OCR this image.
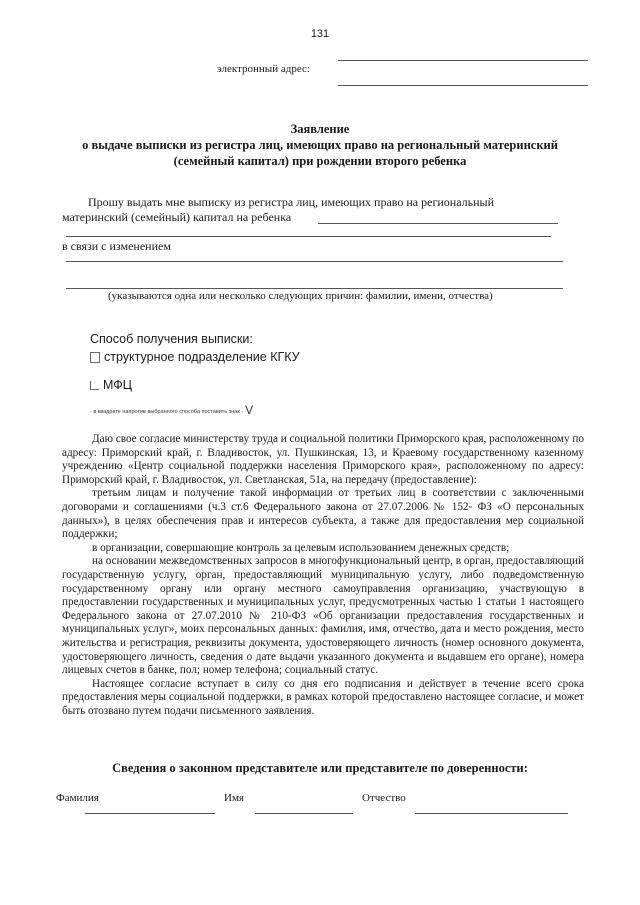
131
электронный адрес:
Заявление
о выдаче выписки из регистра лиц, имеющих право на региональный материнский
(семейный капитал) при рождении второго ребенка
Прошу выдать мне выписку из регистра лиц, имеющих право на региональный
материнский (семейный) капитал на ребенка
в связи с изменением
(указываются одна или несколько следующих причин: фамилии, имени, отчества)
Способ получения выписки:
структурное подразделение КГКУ
МФЦ
- в квадрате напротив выбранного способа поставить знак - V

Даю свое согласие министерству труда и социальной политики Приморского края, расположенному по адресу: Приморский край, г. Владивосток, ул. Пушкинская, 13, и Краевому государственному казенному учреждению «Центр социальной поддержки населения Приморского края», расположенному по адресу: Приморский край, г. Владивосток, ул. Светланская, 51а, на передачу (предоставление):

третьим лицам и получение такой информации от третьих лиц в соответствии с заключенными договорами и соглашениями (ч.3 ст.6 Федерального закона от 27.07.2006 № 152- ФЗ «О персональных данных»), в целях обеспечения прав и интересов субъекта, а также для предоставления мер социальной поддержки;

в организации, совершающие контроль за целевым использованием денежных средств;

на основании межведомственных запросов в многофункциональный центр, в орган, предоставляющий государственную услугу, орган, предоставляющий муниципальную услугу, либо подведомственную государственному органу или органу местного самоуправления организацию, участвующую в предоставлении государственных и муниципальных услуг, предусмотренных частью 1 статьи 1 настоящего Федерального закона от 27.07.2010 № 210-ФЗ «Об организации предоставления государственных и муниципальных услуг», моих персональных данных: фамилия, имя, отчество, дата и место рождения, место жительства и регистрация, реквизиты документа, удостоверяющего личность (номер основного документа, удостоверяющего личность, сведения о дате выдачи указанного документа и выдавшем его органе), номера лицевых счетов в банке, пол; номер телефона; социальный статус.

Настоящее согласие вступает в силу со дня его подписания и действует в течение всего срока предоставления меры социальной поддержки, в рамках которой предоставлено настоящее согласие, и может быть отозвано путем подачи письменного заявления.

Сведения о законном представителе или представителе по доверенности:
Фамилия	Имя	Отчество
